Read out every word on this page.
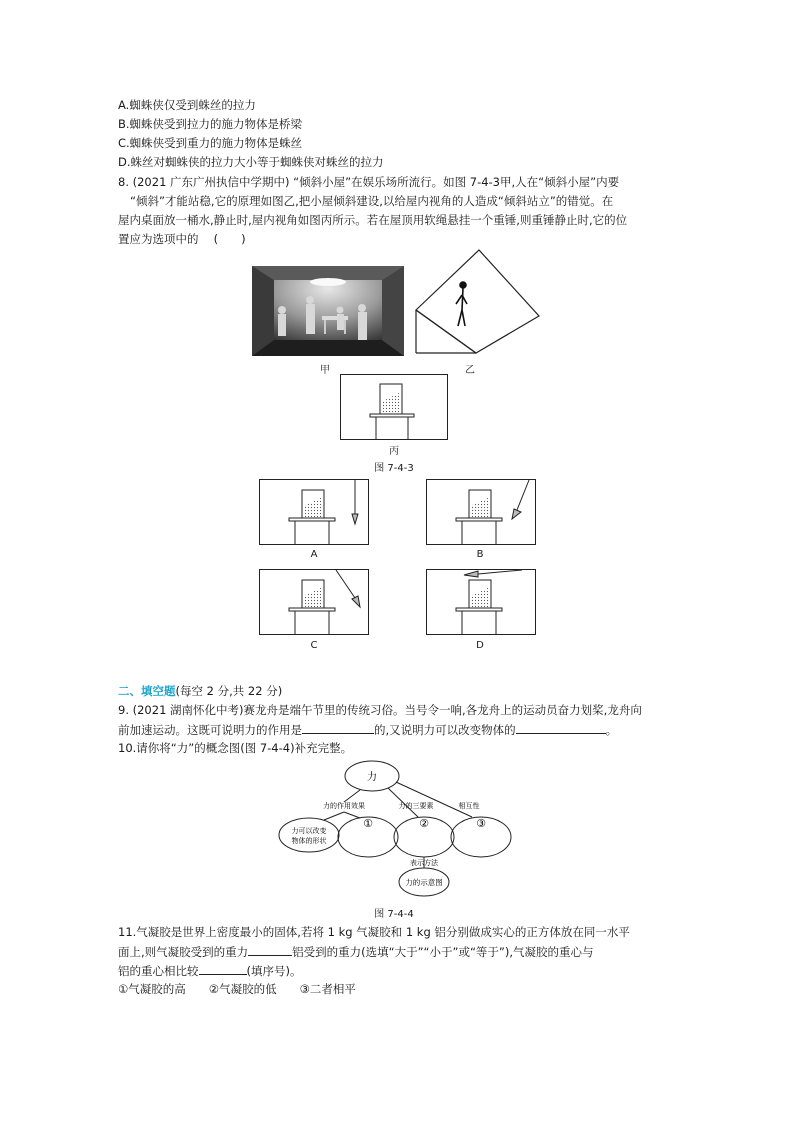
A.蜘蛛侠仅受到蛛丝的拉力
B.蜘蛛侠受到拉力的施力物体是桥梁
C.蜘蛛侠受到重力的施力物体是蛛丝
D.蛛丝对蜘蛛侠的拉力大小等于蜘蛛侠对蛛丝的拉力
8. (2021 广东广州执信中学期中) “倾斜小屋”在娱乐场所流行。如图 7-4-3甲,人在“倾斜小屋”内要
“倾斜”才能站稳,它的原理如图乙,把小屋倾斜建设,以给屋内视角的人造成“倾斜站立”的错觉。在
屋内桌面放一桶水,静止时,屋内视角如图丙所示。若在屋顶用软绳悬挂一个重锤,则重锤静止时,它的位
置应为选项中的　 (　　)
甲	乙
丙
图 7-4-3
A	B
C	D
二、填空题(每空 2 分,共 22 分)
9. (2021 湖南怀化中考)赛龙舟是端午节里的传统习俗。当号令一响,各龙舟上的运动员奋力划桨,龙舟向
前加速运动。这既可说明力的作用是	的,又说明力可以改变物体的	。
10.请你将“力”的概念图(图 7-4-4)补充完整。
力
力的作用效果	力的三要素	相互性
力可以改变
物体的形状
①	②	③
表示方法
力的示意图
图 7-4-4
11.气凝胶是世界上密度最小的固体,若将 1 kg 气凝胶和 1 kg 铝分别做成实心的正方体放在同一水平
面上,则气凝胶受到的重力	铝受到的重力(选填“大于”“小于”或“等于”),气凝胶的重心与
铝的重心相比较	(填序号)。
①气凝胶的高　　②气凝胶的低　　③二者相平
